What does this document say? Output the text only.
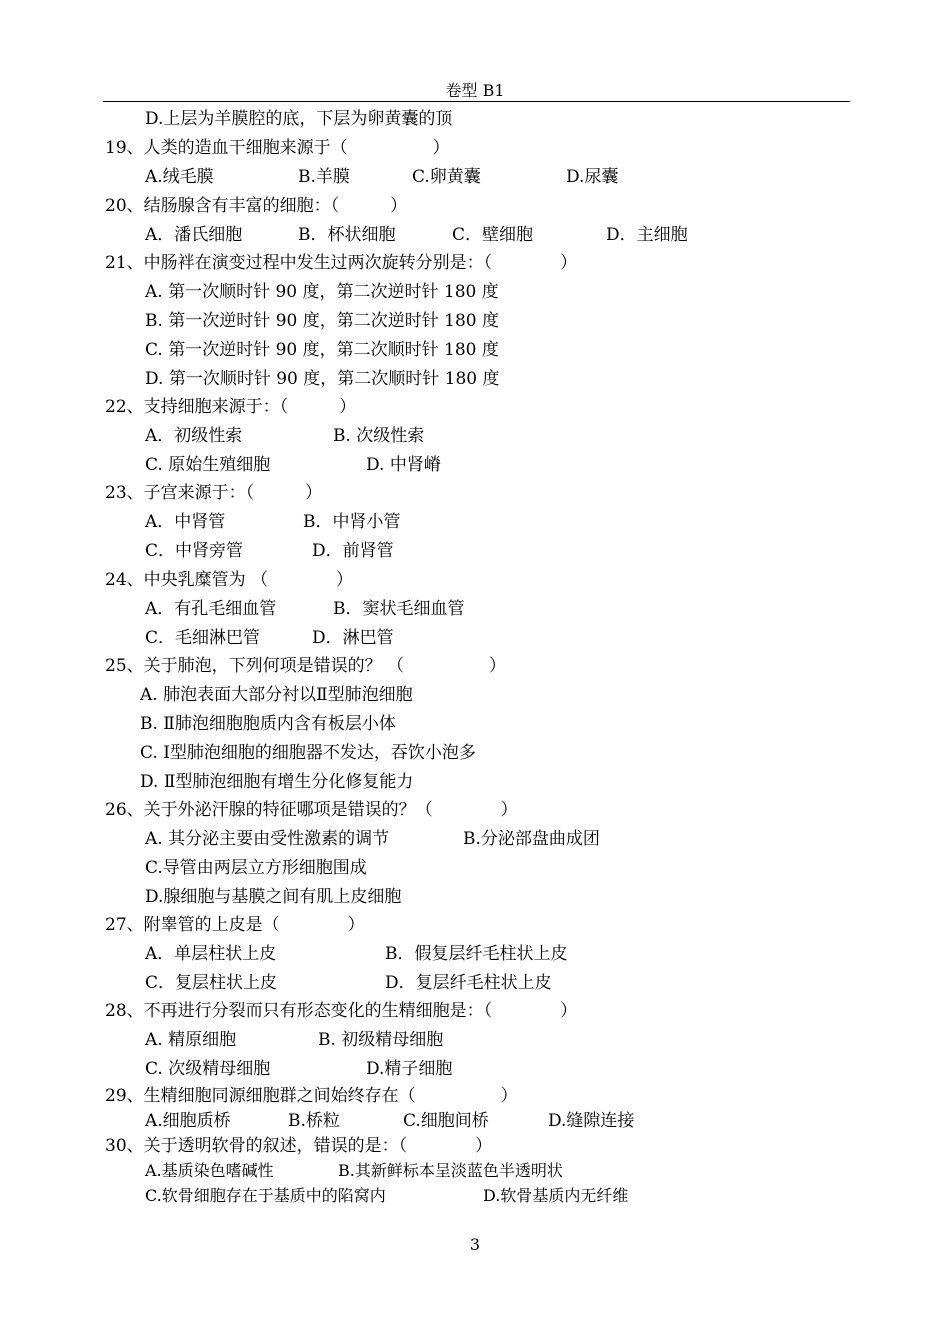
卷型 B1
D.上层为羊膜腔的底，下层为卵黄囊的顶
19、人类的造血干细胞来源于（　　　　　）
A.绒毛膜	B.羊膜	C.卵黄囊	D.尿囊
20、结肠腺含有丰富的细胞：（　　　）
A．潘氏细胞	B．杯状细胞	C．壁细胞	D．主细胞
21、中肠袢在演变过程中发生过两次旋转分别是：（　　　　）
A. 第一次顺时针 90 度，第二次逆时针 180 度
B. 第一次逆时针 90 度，第二次逆时针 180 度
C. 第一次逆时针 90 度，第二次顺时针 180 度
D. 第一次顺时针 90 度，第二次顺时针 180 度
22、支持细胞来源于：（　　　）
A．初级性索	B. 次级性索
C. 原始生殖细胞	D. 中肾嵴
23、子宫来源于：（　　　）
A．中肾管	B．中肾小管
C．中肾旁管	D．前肾管
24、中央乳糜管为 （　　　　）
A．有孔毛细血管	B．窦状毛细血管
C．毛细淋巴管	D．淋巴管
25、关于肺泡，下列何项是错误的？ （　　　　　）
A. 肺泡表面大部分衬以Ⅱ型肺泡细胞
B. Ⅱ肺泡细胞胞质内含有板层小体
C. Ⅰ型肺泡细胞的细胞器不发达，吞饮小泡多
D. Ⅱ型肺泡细胞有增生分化修复能力
26、关于外泌汗腺的特征哪项是错误的？（　　　　）
A. 其分泌主要由受性激素的调节	B.分泌部盘曲成团
C.导管由两层立方形细胞围成
D.腺细胞与基膜之间有肌上皮细胞
27、附睾管的上皮是（　　　　）
A．单层柱状上皮	B．假复层纤毛柱状上皮
C．复层柱状上皮	D．复层纤毛柱状上皮
28、不再进行分裂而只有形态变化的生精细胞是：（　　　　）
A. 精原细胞	B. 初级精母细胞
C. 次级精母细胞	D.精子细胞
29、生精细胞同源细胞群之间始终存在（　　　　　）
A.细胞质桥	B.桥粒	C.细胞间桥	D.缝隙连接
30、关于透明软骨的叙述，错误的是：（　　　　）
A.基质染色嗜碱性	B.其新鲜标本呈淡蓝色半透明状
C.软骨细胞存在于基质中的陷窝内	D.软骨基质内无纤维
3
